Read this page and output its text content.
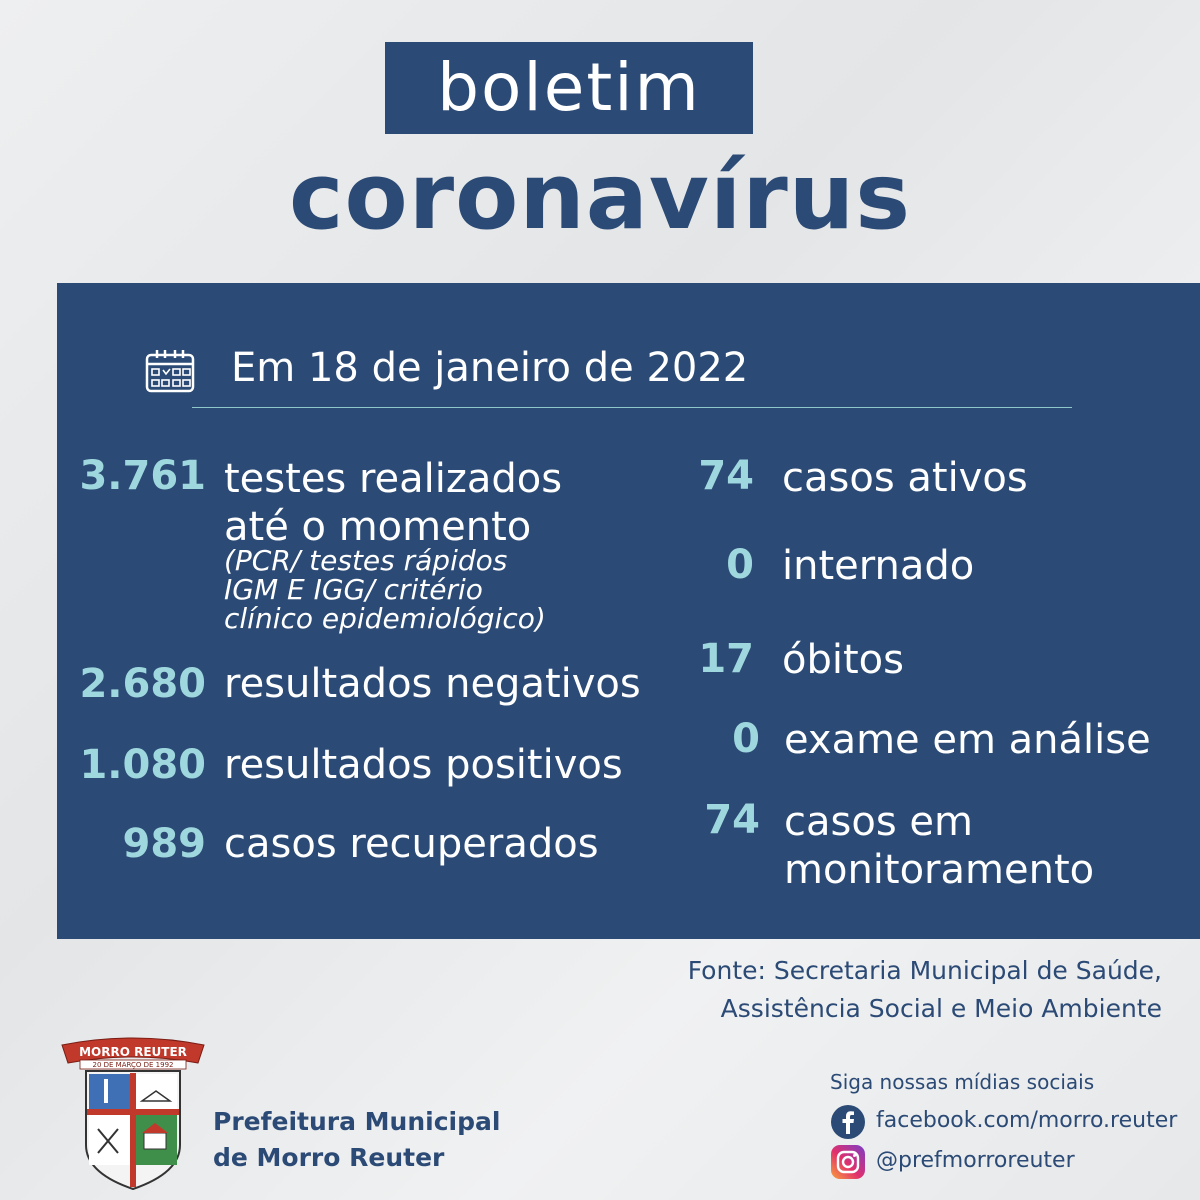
boletim
coronavírus
Em 18 de janeiro de 2022
3.761 testes realizados
até o momento
(PCR/ testes rápidos
IGM E IGG/ critério
clínico epidemiológico)
2.680 resultados negativos
1.080 resultados positivos
989 casos recuperados
74 casos ativos
0 internado
17 óbitos
0 exame em análise
74 casos em
monitoramento
Fonte: Secretaria Municipal de Saúde,
Assistência Social e Meio Ambiente
MORRO REUTER
20 DE MARÇO DE 1992
Prefeitura Municipal
de Morro Reuter
Siga nossas mídias sociais
facebook.com/morro.reuter
@prefmorroreuter
